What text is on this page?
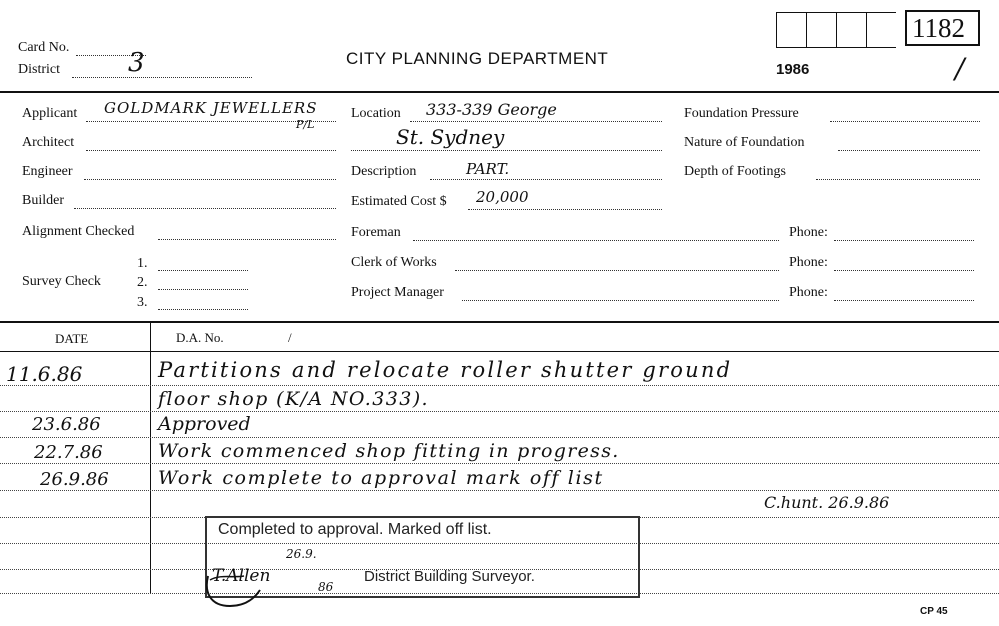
Card No.
District	3	CITY PLANNING DEPARTMENT
1986
1182
/
Applicant GOLDMARK JEWELLERS
P/L
Architect
Engineer
Builder
Alignment Checked
Survey Check
1.
2.
3.
Location 333-339 George
St. Sydney
Description	PART.
Estimated Cost $ 20,000
Foreman	Phone:
Clerk of Works	Phone:
Project Manager	Phone:
Foundation Pressure
Nature of Foundation
Depth of Footings
DATE	D.A. No.	/
11.6.86	Partitions and relocate roller shutter ground
floor shop (K/A NO.333).
23.6.86	Approved
22.7.86	Work commenced shop fitting in progress.
26.9.86	Work complete to approval mark off list
C.hunt. 26.9.86
Completed to approval. Marked off list.
District Building Surveyor.
T.Allen
26.9.
86
CP 45
